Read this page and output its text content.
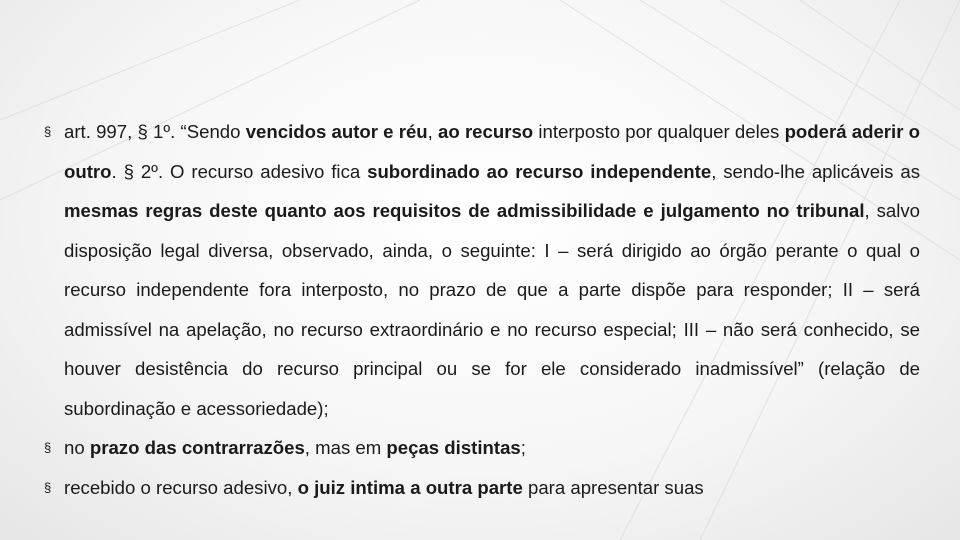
§ art. 997, § 1º. “Sendo vencidos autor e réu, ao recurso interposto por qualquer deles poderá aderir o outro. § 2º. O recurso adesivo fica subordinado ao recurso independente, sendo-lhe aplicáveis as mesmas regras deste quanto aos requisitos de admissibilidade e julgamento no tribunal, salvo disposição legal diversa, observado, ainda, o seguinte: I – será dirigido ao órgão perante o qual o recurso independente fora interposto, no prazo de que a parte dispõe para responder; II – será admissível na apelação, no recurso extraordinário e no recurso especial; III – não será conhecido, se houver desistência do recurso principal ou se for ele considerado inadmissível” (relação de subordinação e acessoriedade);
§ no prazo das contrarrazões, mas em peças distintas;
§ recebido o recurso adesivo, o juiz intima a outra parte para apresentar suas
